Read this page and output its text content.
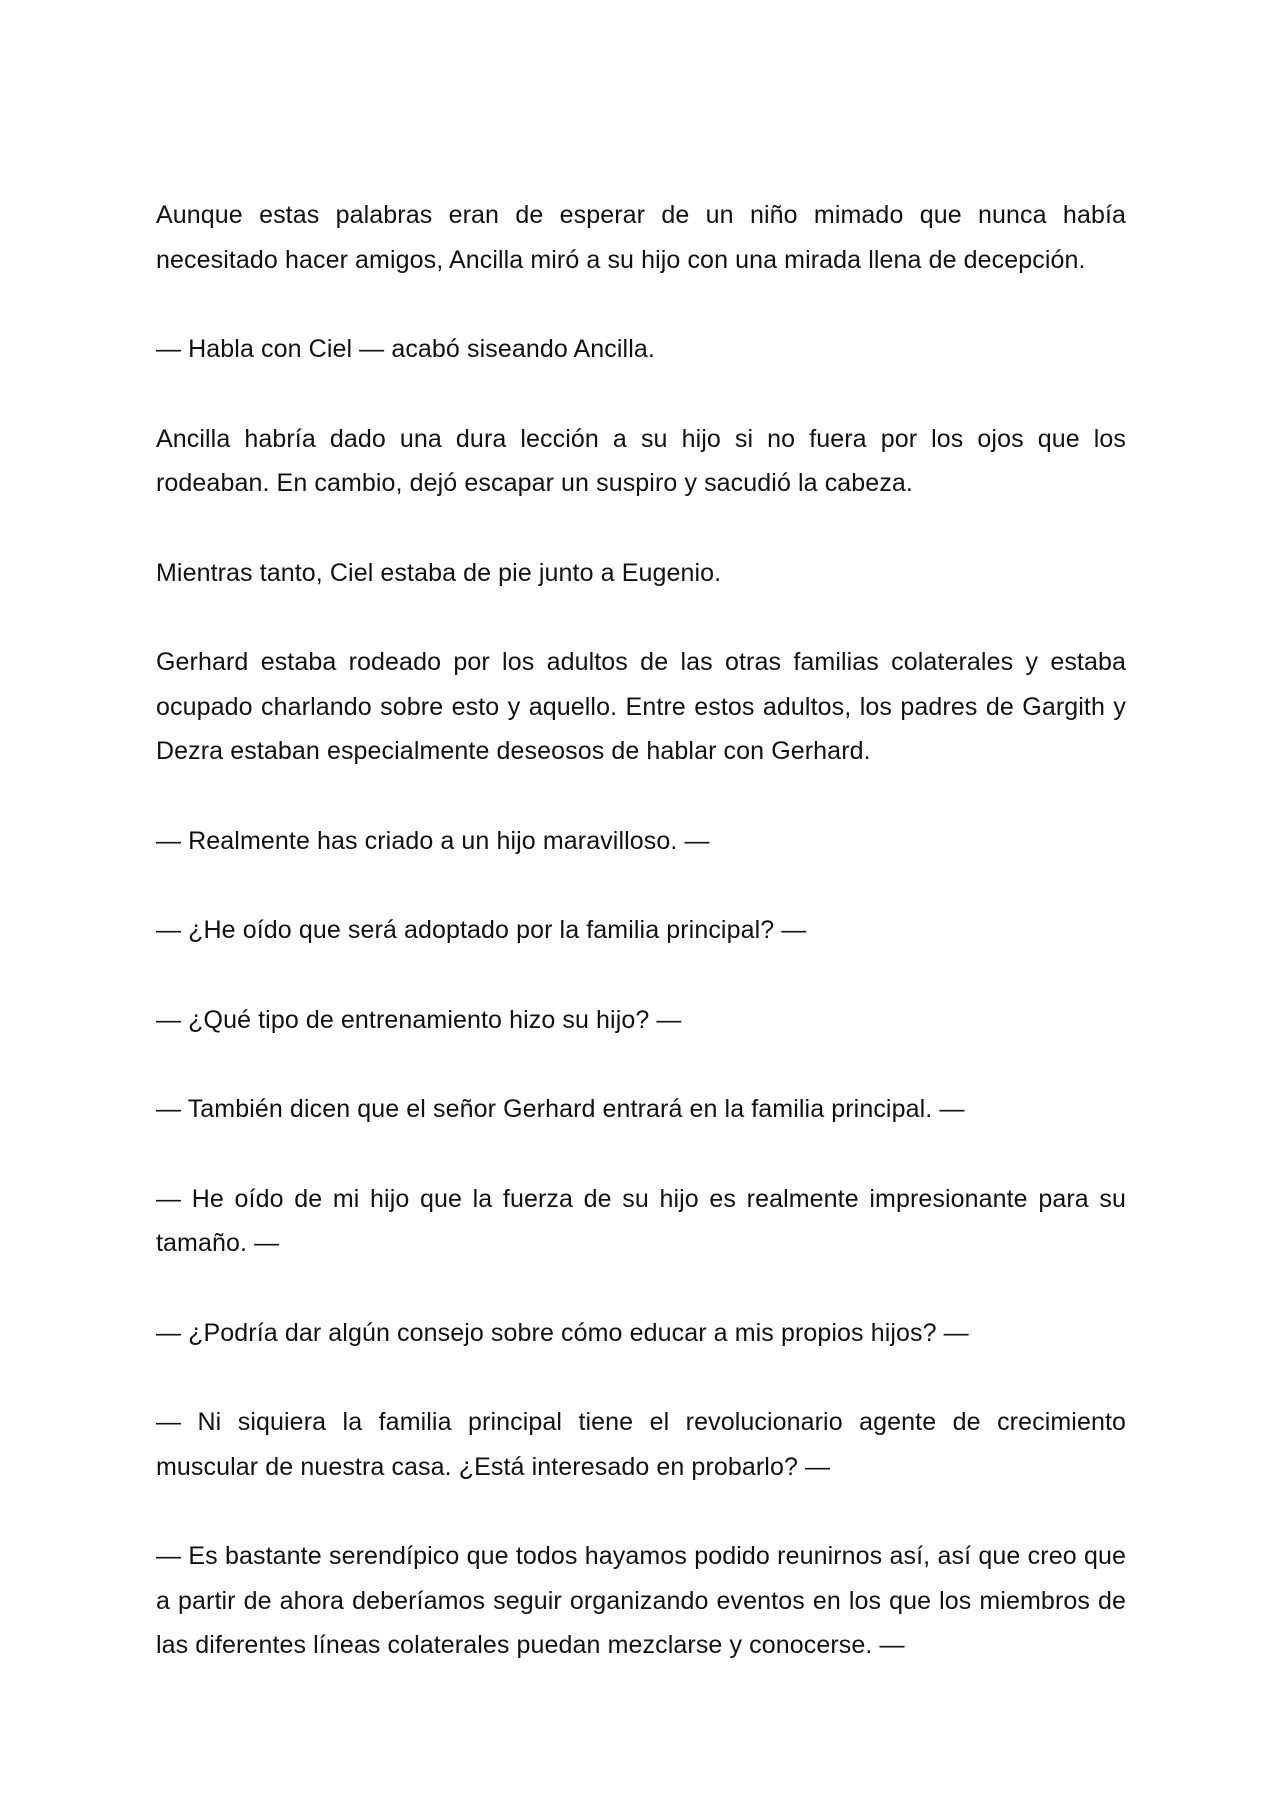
Aunque estas palabras eran de esperar de un niño mimado que nunca había necesitado hacer amigos, Ancilla miró a su hijo con una mirada llena de decepción.

— Habla con Ciel — acabó siseando Ancilla.

Ancilla habría dado una dura lección a su hijo si no fuera por los ojos que los rodeaban. En cambio, dejó escapar un suspiro y sacudió la cabeza.

Mientras tanto, Ciel estaba de pie junto a Eugenio.

Gerhard estaba rodeado por los adultos de las otras familias colaterales y estaba ocupado charlando sobre esto y aquello. Entre estos adultos, los padres de Gargith y Dezra estaban especialmente deseosos de hablar con Gerhard.

— Realmente has criado a un hijo maravilloso. —

— ¿He oído que será adoptado por la familia principal? —

— ¿Qué tipo de entrenamiento hizo su hijo? —

— También dicen que el señor Gerhard entrará en la familia principal. —

— He oído de mi hijo que la fuerza de su hijo es realmente impresionante para su tamaño. —

— ¿Podría dar algún consejo sobre cómo educar a mis propios hijos? —

— Ni siquiera la familia principal tiene el revolucionario agente de crecimiento muscular de nuestra casa. ¿Está interesado en probarlo? —

— Es bastante serendípico que todos hayamos podido reunirnos así, así que creo que a partir de ahora deberíamos seguir organizando eventos en los que los miembros de las diferentes líneas colaterales puedan mezclarse y conocerse. —
